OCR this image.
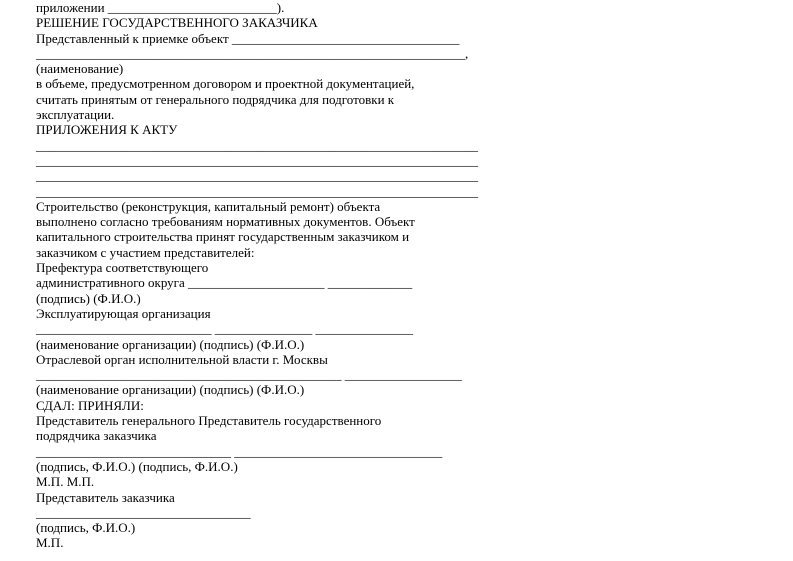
приложении __________________________).
РЕШЕНИЕ ГОСУДАРСТВЕННОГО ЗАКАЗЧИКА
Представленный к приемке объект ___________________________________
__________________________________________________________________,
(наименование)
в объеме, предусмотренном договором и проектной документацией,
считать принятым от генерального подрядчика для подготовки к
эксплуатации.
ПРИЛОЖЕНИЯ К АКТУ
____________________________________________________________________
____________________________________________________________________
____________________________________________________________________
____________________________________________________________________
Строительство (реконструкция, капитальный ремонт) объекта
выполнено согласно требованиям нормативных документов. Объект
капитального строительства принят государственным заказчиком и
заказчиком с участием представителей:
Префектура соответствующего
административного округа _____________________ _____________
(подпись) (Ф.И.О.)
Эксплуатирующая организация
___________________________ _______________ _______________
(наименование организации) (подпись) (Ф.И.О.)
Отраслевой орган исполнительной власти г. Москвы
_______________________________________________ __________________
(наименование организации) (подпись) (Ф.И.О.)
СДАЛ: ПРИНЯЛИ:
Представитель генерального Представитель государственного
подрядчика заказчика
______________________________ ________________________________
(подпись, Ф.И.О.) (подпись, Ф.И.О.)
М.П. М.П.
Представитель заказчика
_________________________________
(подпись, Ф.И.О.)
М.П.
